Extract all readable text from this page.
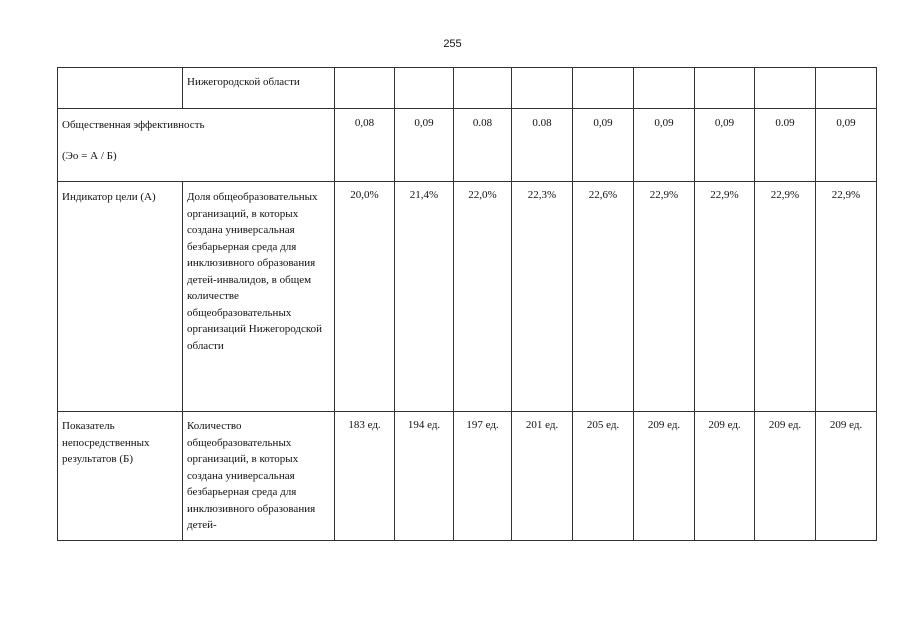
255
	Нижегородской области									
Общественная эффективность
(Эо = А / Б)		0,08	0,09	0.08	0.08	0,09	0,09	0,09	0.09	0,09
Индикатор цели (А)	Доля общеобразовательных организаций, в которых создана универсальная безбарьерная среда для инклюзивного образования детей-инвалидов, в общем количестве общеобразовательных организаций Нижегородской области	20,0%	21,4%	22,0%	22,3%	22,6%	22,9%	22,9%	22,9%	22,9%
Показатель непосредственных результатов (Б)	Количество общеобразовательных организаций, в которых создана универсальная безбарьерная среда для инклюзивного образования детей-	183 ед.	194 ед.	197 ед.	201 ед.	205 ед.	209 ед.	209 ед.	209 ед.	209 ед.
